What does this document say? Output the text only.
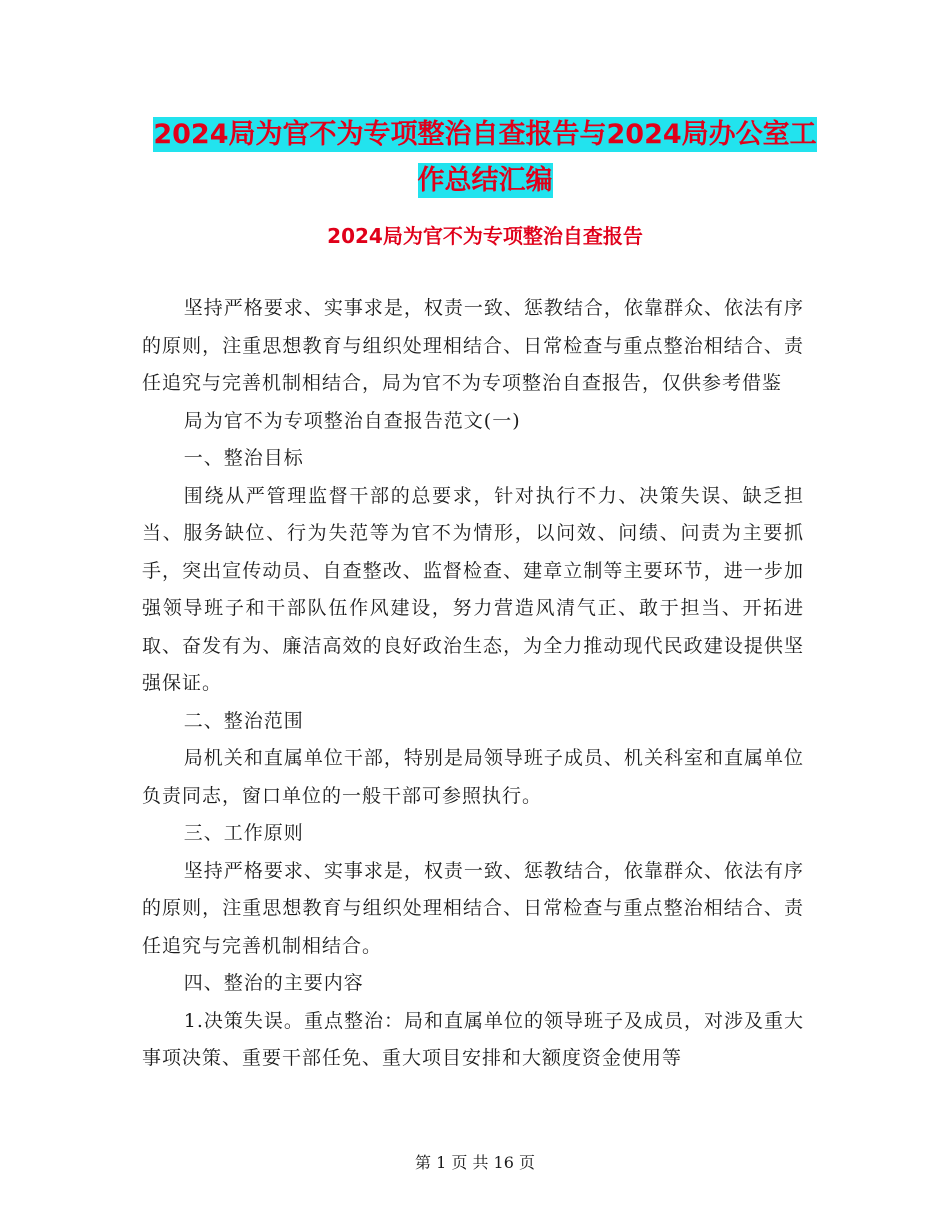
2024局为官不为专项整治自查报告与2024局办公室工
作总结汇编
2024局为官不为专项整治自查报告

坚持严格要求、实事求是，权责一致、惩教结合，依靠群众、依法有序的原则，注重思想教育与组织处理相结合、日常检查与重点整治相结合、责任追究与完善机制相结合，局为官不为专项整治自查报告，仅供参考借鉴

局为官不为专项整治自查报告范文(一)

一、整治目标

围绕从严管理监督干部的总要求，针对执行不力、决策失误、缺乏担当、服务缺位、行为失范等为官不为情形，以问效、问绩、问责为主要抓手，突出宣传动员、自查整改、监督检查、建章立制等主要环节，进一步加强领导班子和干部队伍作风建设，努力营造风清气正、敢于担当、开拓进取、奋发有为、廉洁高效的良好政治生态，为全力推动现代民政建设提供坚强保证。

二、整治范围

局机关和直属单位干部，特别是局领导班子成员、机关科室和直属单位负责同志，窗口单位的一般干部可参照执行。

三、工作原则

坚持严格要求、实事求是，权责一致、惩教结合，依靠群众、依法有序的原则，注重思想教育与组织处理相结合、日常检查与重点整治相结合、责任追究与完善机制相结合。

四、整治的主要内容

1.决策失误。重点整治：局和直属单位的领导班子及成员，对涉及重大事项决策、重要干部任免、重大项目安排和大额度资金使用等

第 1 页 共 16 页
